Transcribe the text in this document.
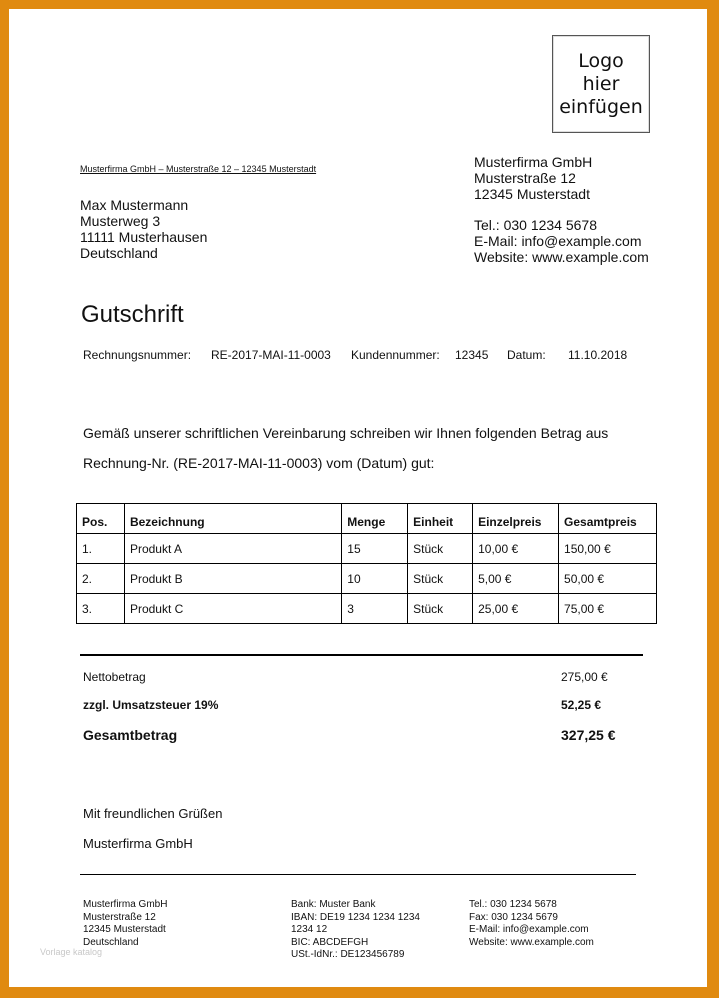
Logo
hier
einfügen
Musterfirma GmbH – Musterstraße 12 – 12345 Musterstadt
Max Mustermann
Musterweg 3
11111 Musterhausen
Deutschland
Musterfirma GmbH
Musterstraße 12
12345 Musterstadt
Tel.: 030 1234 5678
E-Mail: info@example.com
Website: www.example.com
Gutschrift
Rechnungsnummer: RE-2017-MAI-11-0003 Kundennummer: 12345 Datum: 11.10.2018
Gemäß unserer schriftlichen Vereinbarung schreiben wir Ihnen folgenden Betrag aus
Rechnung-Nr. (RE-2017-MAI-11-0003) vom (Datum) gut:
Pos.	Bezeichnung	Menge	Einheit	Einzelpreis	Gesamtpreis
1.	Produkt A	15	Stück	10,00 €	150,00 €
2.	Produkt B	10	Stück	5,00 €	50,00 €
3.	Produkt C	3	Stück	25,00 €	75,00 €
Nettobetrag	275,00 €
zzgl. Umsatzsteuer 19%	52,25 €
Gesamtbetrag	327,25 €
Mit freundlichen Grüßen
Musterfirma GmbH
Musterfirma GmbH
Musterstraße 12
12345 Musterstadt
Deutschland
Bank: Muster Bank
IBAN: DE19 1234 1234 1234
1234 12
BIC: ABCDEFGH
USt.-IdNr.: DE123456789
Tel.: 030 1234 5678
Fax: 030 1234 5679
E-Mail: info@example.com
Website: www.example.com
Vorlage katalog
